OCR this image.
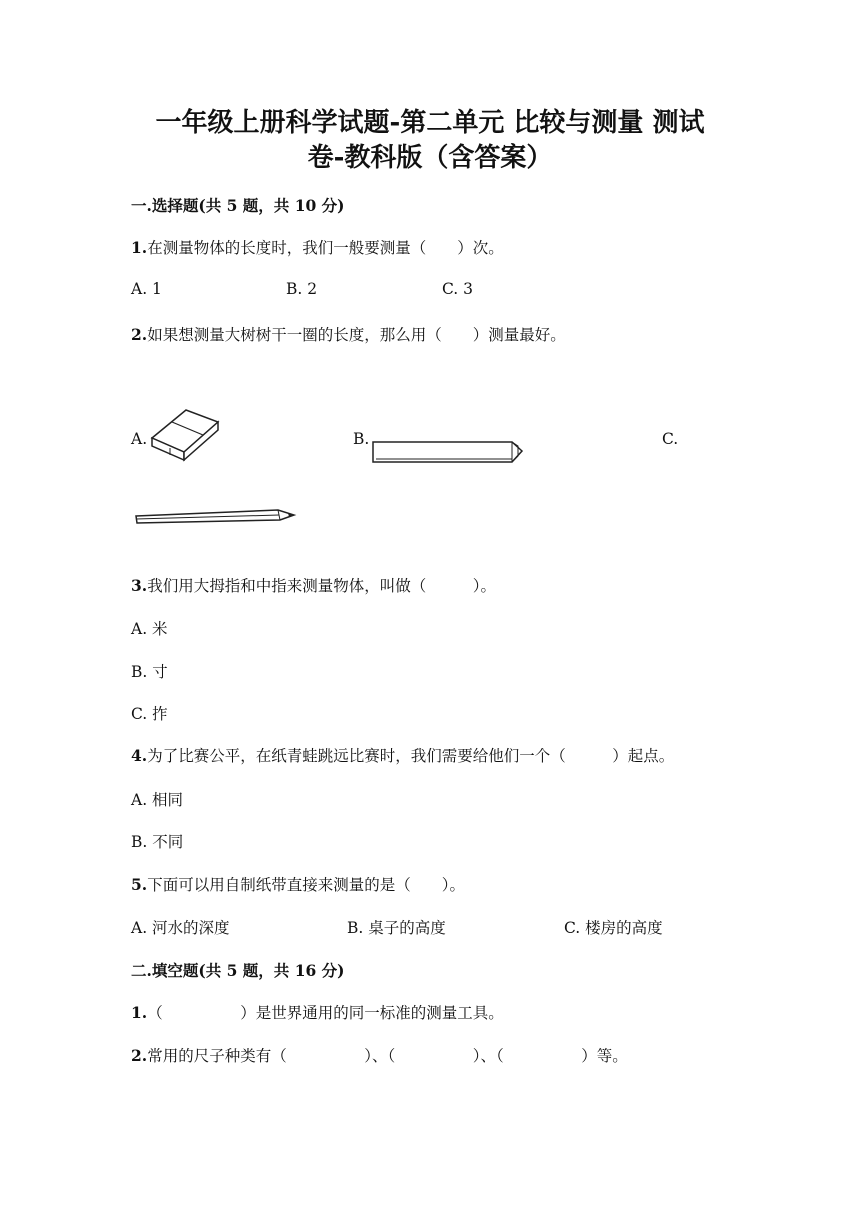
一年级上册科学试题-第二单元 比较与测量 测试
卷-教科版（含答案）
一.选择题(共 5 题，共 10 分)
1.在测量物体的长度时，我们一般要测量（　　）次。
A. 1	B. 2	C. 3
2.如果想测量大树树干一圈的长度，那么用（　　）测量最好。
A.	B.	C.
3.我们用大拇指和中指来测量物体，叫做（　　　）。
A. 米
B. 寸
C. 拃
4.为了比赛公平，在纸青蛙跳远比赛时，我们需要给他们一个（　　　）起点。
A. 相同
B. 不同
5.下面可以用自制纸带直接来测量的是（　　）。
A. 河水的深度	B. 桌子的高度	C. 楼房的高度
二.填空题(共 5 题，共 16 分)
1.（　　　　　）是世界通用的同一标准的测量工具。
2.常用的尺子种类有（　　　　　）、（　　　　　）、（　　　　　）等。
